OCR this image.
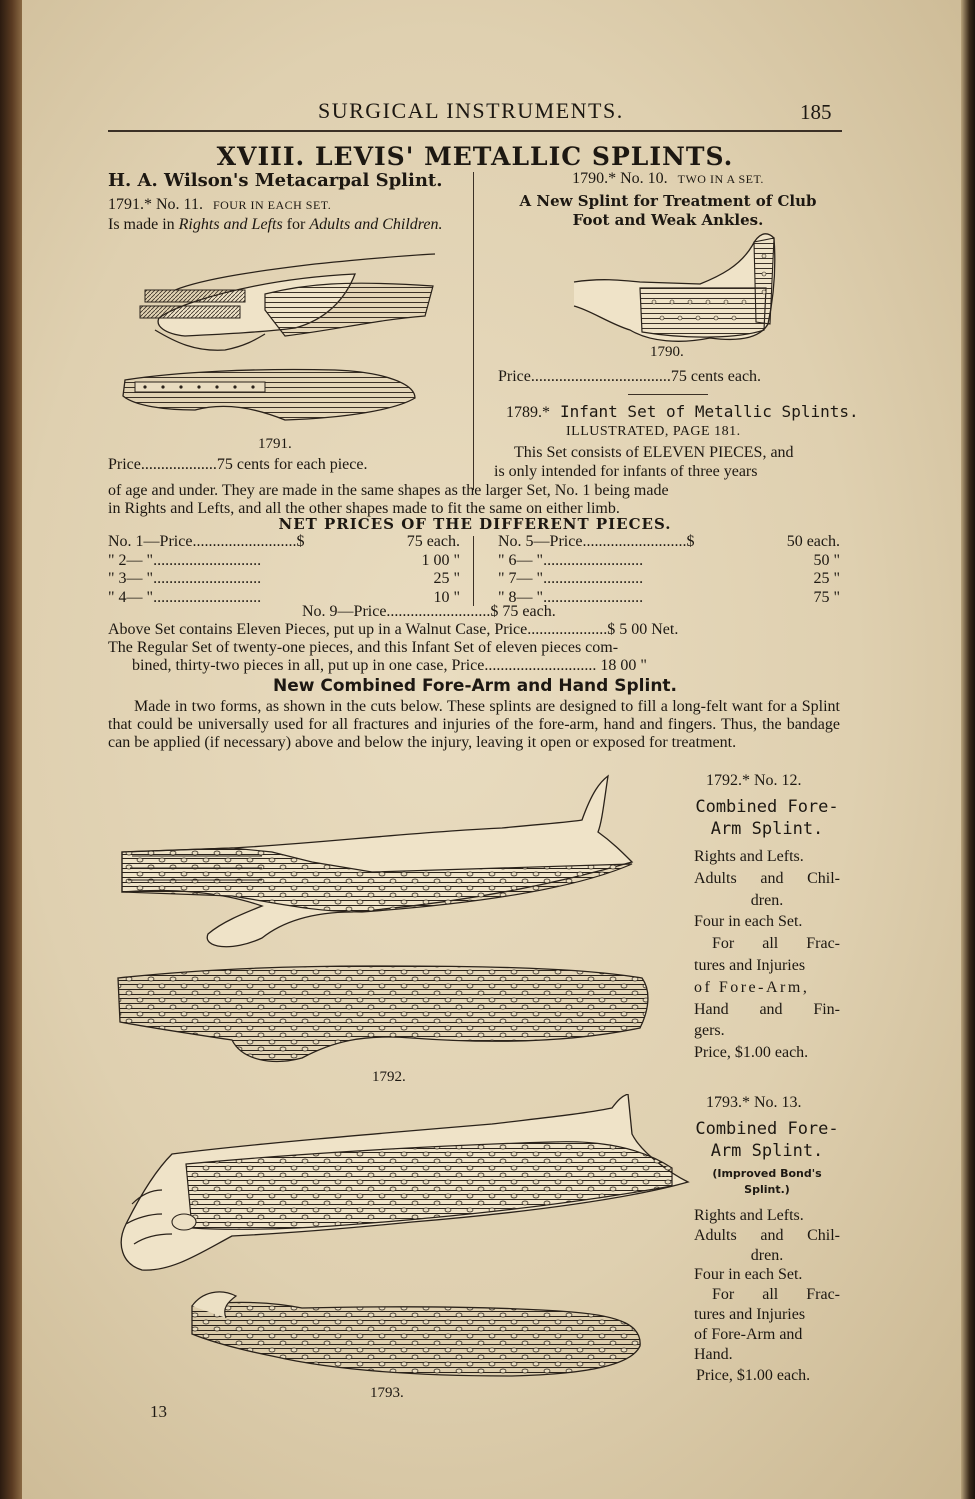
SURGICAL INSTRUMENTS.	185
XVIII. LEVIS' METALLIC SPLINTS.
H. A. Wilson's Metacarpal Splint.
1791.* No. 11. FOUR IN EACH SET.
Is made in Rights and Lefts for Adults and Children.
1791.
Price...................75 cents for each piece.
1790.* No. 10. TWO IN A SET.
A New Splint for Treatment of Club
Foot and Weak Ankles.
1790.
Price...................................75 cents each.
1789.* Infant Set of Metallic Splints.
ILLUSTRATED, PAGE 181.
This Set consists of ELEVEN PIECES, and
is only intended for infants of three years
of age and under. They are made in the same shapes as the larger Set, No. 1 being made
in Rights and Lefts, and all the other shapes made to fit the same on either limb.
NET PRICES OF THE DIFFERENT PIECES.
No. 1—Price..........................$	75 each.
" 2— "...........................	1 00 "
" 3— "...........................	25 "
" 4— "...........................	10 "
No. 5—Price..........................$	50 each.
" 6— ".........................	50 "
" 7— ".........................	25 "
" 8— ".........................	75 "
No. 9—Price..........................$ 75 each.
Above Set contains Eleven Pieces, put up in a Walnut Case, Price....................$ 5 00 Net.
The Regular Set of twenty-one pieces, and this Infant Set of eleven pieces com-
bined, thirty-two pieces in all, put up in one case, Price............................ 18 00 "
New Combined Fore-Arm and Hand Splint.
Made in two forms, as shown in the cuts below. These splints are designed to fill a long-felt want for a Splint that could be universally used for all fractures and injuries of the fore-arm, hand and fingers. Thus, the bandage can be applied (if necessary) above and below the injury, leaving it open or exposed for treatment.
1792.
1792.* No. 12.
Combined Fore-
Arm Splint.
Rights and Lefts.
Adults and Chil-
dren.
Four in each Set.
For all Frac-
tures and Injuries
of Fore-Arm,
Hand and Fin-
gers.
Price, $1.00 each.
1793.
1793.* No. 13.
Combined Fore-
Arm Splint.
(Improved Bond's
Splint.)
Rights and Lefts.
Adults and Chil-
dren.
Four in each Set.
For all Frac-
tures and Injuries
of Fore-Arm and
Hand.
Price, $1.00 each.
13
